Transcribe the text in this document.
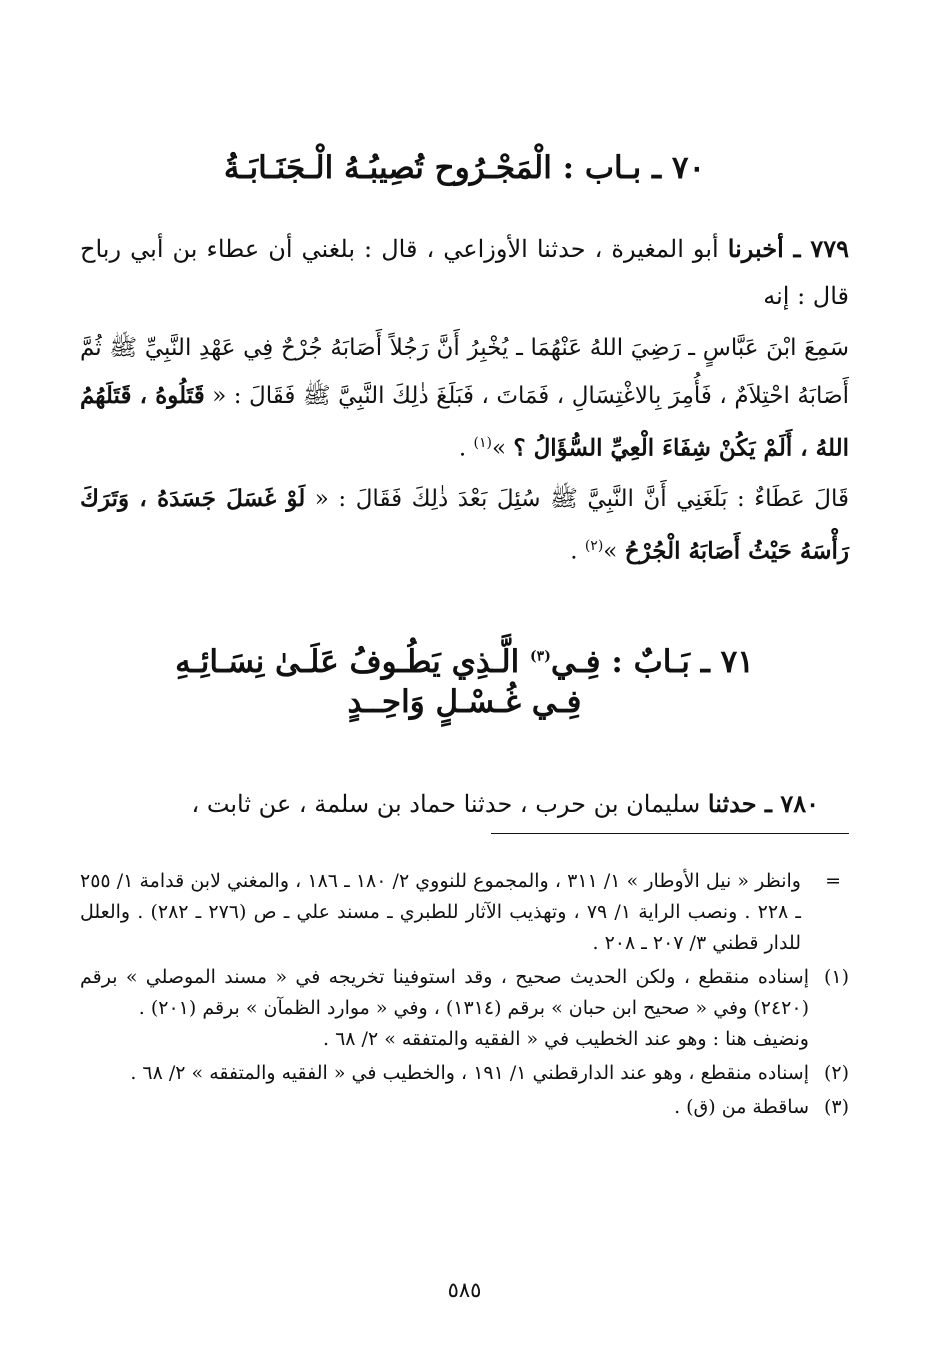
٧٠ ـ بـاب : الْمَجْـرُوح تُصِيبُـهُ الْـجَنَـابَـةُ
٧٧٩ ـ أخبرنا أبو المغيرة ، حدثنا الأوزاعي ، قال : بلغني أن عطاء بن أبي رباح قال : إنه
سَمِعَ ابْنَ عَبَّاسٍ ـ رَضِيَ اللهُ عَنْهُمَا ـ يُخْبِرُ أَنَّ رَجُلاً أَصَابَهُ جُرْحٌ فِي عَهْدِ النَّبِيِّ ﷺ ثُمَّ أَصَابَهُ احْتِلاَمٌ ، فَأُمِرَ بِالاغْتِسَالِ ، فَمَاتَ ، فَبَلَغَ ذٰلِكَ النَّبِيَّ ﷺ فَقَالَ : « قَتَلُوهُ ، قَتَلَهُمُ اللهُ ، أَلَمْ يَكُنْ شِفَاءَ الْعِيِّ السُّؤَالُ ؟ »$^{(١)}$ .
قَالَ عَطَاءٌ : بَلَغَنِي أَنَّ النَّبِيَّ ﷺ سُئِلَ بَعْدَ ذٰلِكَ فَقَالَ : « لَوْ غَسَلَ جَسَدَهُ ، وَتَرَكَ رَأْسَهُ حَيْثُ أَصَابَهُ الْجُرْحُ »$^{(٢)}$ .
٧١ ـ بَـابٌ : فِـي$^{(٣)}$ الَّـذِي يَطُـوفُ عَلَـىٰ نِسَـائِـهِ
فِـي غُـسْـلٍ وَاحِــدٍ
٧٨٠ ـ حدثنا سليمان بن حرب ، حدثنا حماد بن سلمة ، عن ثابت ،
=
وانظر « نيل الأوطار » ١/ ٣١١ ، والمجموع للنووي ٢/ ١٨٠ ـ ١٨٦ ، والمغني لابن قدامة ١/ ٢٥٥ ـ ٢٢٨ . ونصب الراية ١/ ٧٩ ، وتهذيب الآثار للطبري ـ مسند علي ـ ص (٢٧٦ ـ ٢٨٢) . والعلل للدار قطني ٣/ ٢٠٧ ـ ٢٠٨ .
(١)
إسناده منقطع ، ولكن الحديث صحيح ، وقد استوفينا تخريجه في « مسند الموصلي » برقم (٢٤٢٠) وفي « صحيح ابن حبان » برقم (١٣١٤) ، وفي « موارد الظمآن » برقم (٢٠١) .
ونضيف هنا : وهو عند الخطيب في « الفقيه والمتفقه » ٢/ ٦٨ .
(٢)
إسناده منقطع ، وهو عند الدارقطني ١/ ١٩١ ، والخطيب في « الفقيه والمتفقه » ٢/ ٦٨ .
(٣)
ساقطة من (ق) .
٥٨٥
